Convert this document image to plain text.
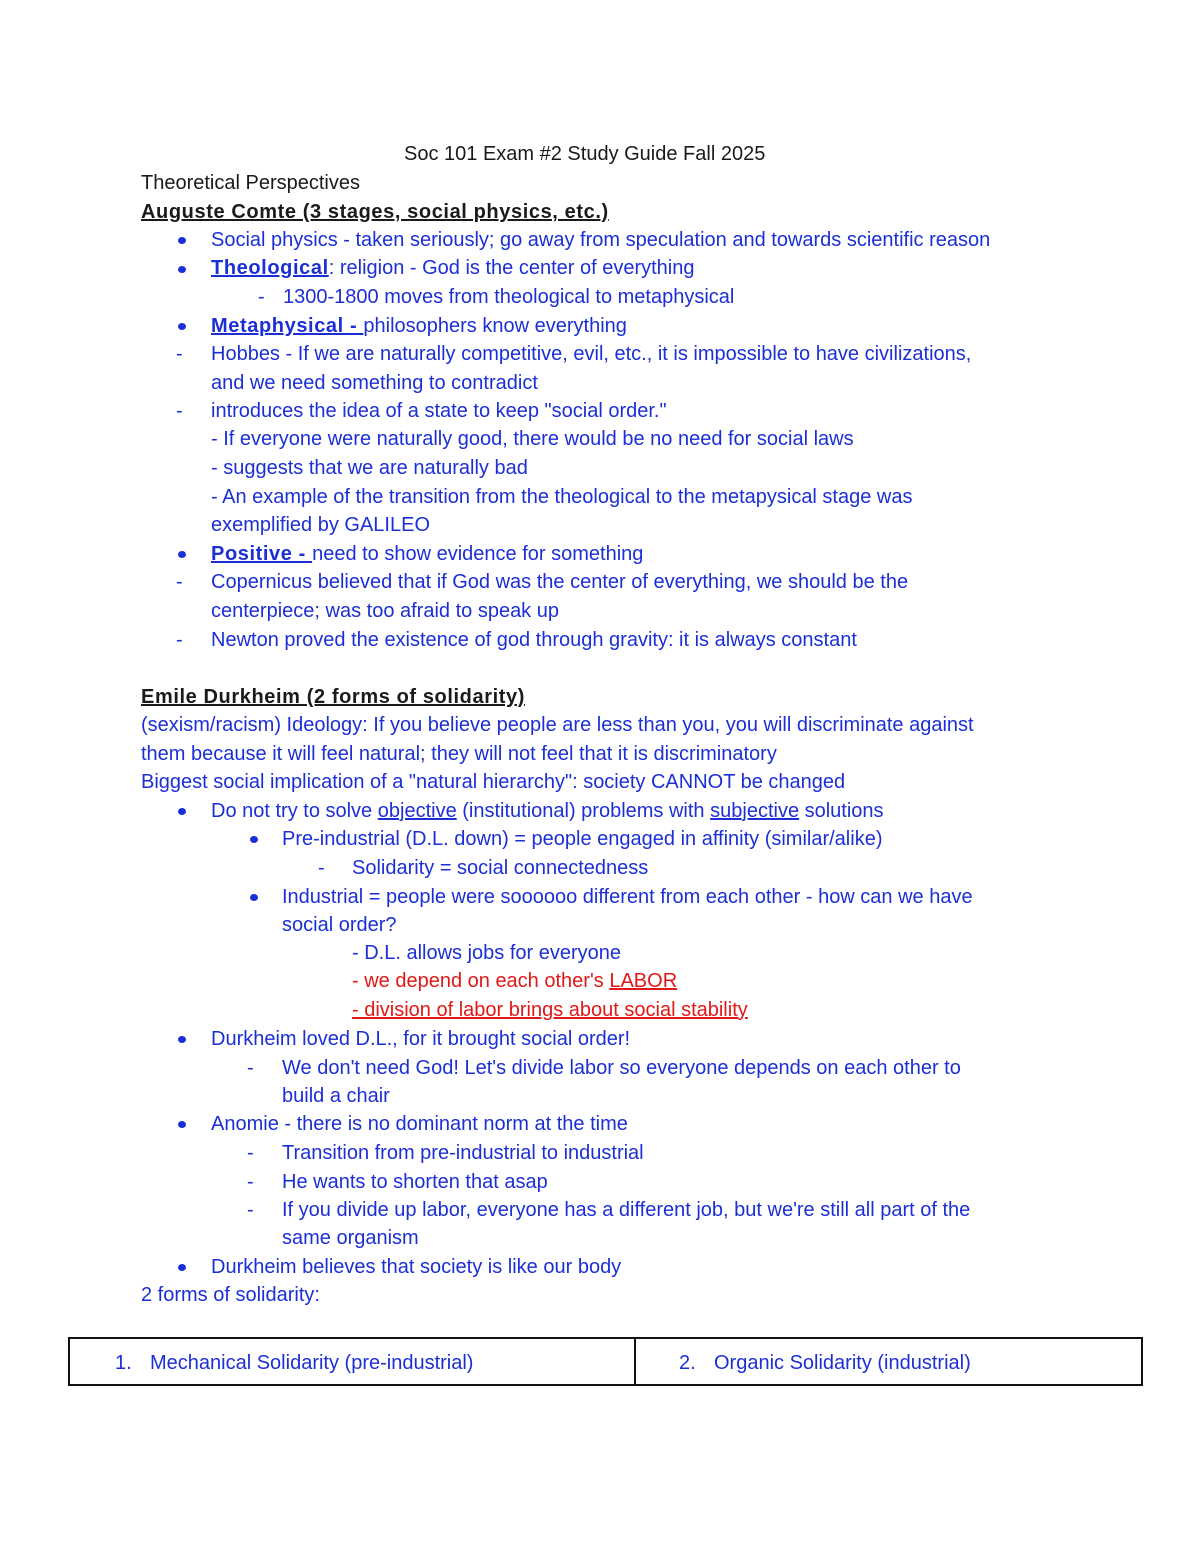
Soc 101 Exam #2 Study Guide Fall 2025
Theoretical Perspectives
Auguste Comte (3 stages, social physics, etc.)
Social physics - taken seriously; go away from speculation and towards scientific reason
Theological: religion - God is the center of everything
- 1300-1800 moves from theological to metaphysical
Metaphysical - philosophers know everything
- Hobbes - If we are naturally competitive, evil, etc., it is impossible to have civilizations,
and we need something to contradict
- introduces the idea of a state to keep "social order."
- If everyone were naturally good, there would be no need for social laws
- suggests that we are naturally bad
- An example of the transition from the theological to the metapysical stage was
exemplified by GALILEO
Positive - need to show evidence for something
- Copernicus believed that if God was the center of everything, we should be the
centerpiece; was too afraid to speak up
- Newton proved the existence of god through gravity: it is always constant
Emile Durkheim (2 forms of solidarity)
(sexism/racism) Ideology: If you believe people are less than you, you will discriminate against
them because it will feel natural; they will not feel that it is discriminatory
Biggest social implication of a "natural hierarchy": society CANNOT be changed
Do not try to solve objective (institutional) problems with subjective solutions
Pre-industrial (D.L. down) = people engaged in affinity (similar/alike)
- Solidarity = social connectedness
Industrial = people were soooooo different from each other - how can we have
social order?
- D.L. allows jobs for everyone
- we depend on each other's LABOR
- division of labor brings about social stability
Durkheim loved D.L., for it brought social order!
- We don't need God! Let's divide labor so everyone depends on each other to
build a chair
Anomie - there is no dominant norm at the time
- Transition from pre-industrial to industrial
- He wants to shorten that asap
- If you divide up labor, everyone has a different job, but we're still all part of the
same organism
Durkheim believes that society is like our body
2 forms of solidarity:
1. Mechanical Solidarity (pre-industrial)	2. Organic Solidarity (industrial)
